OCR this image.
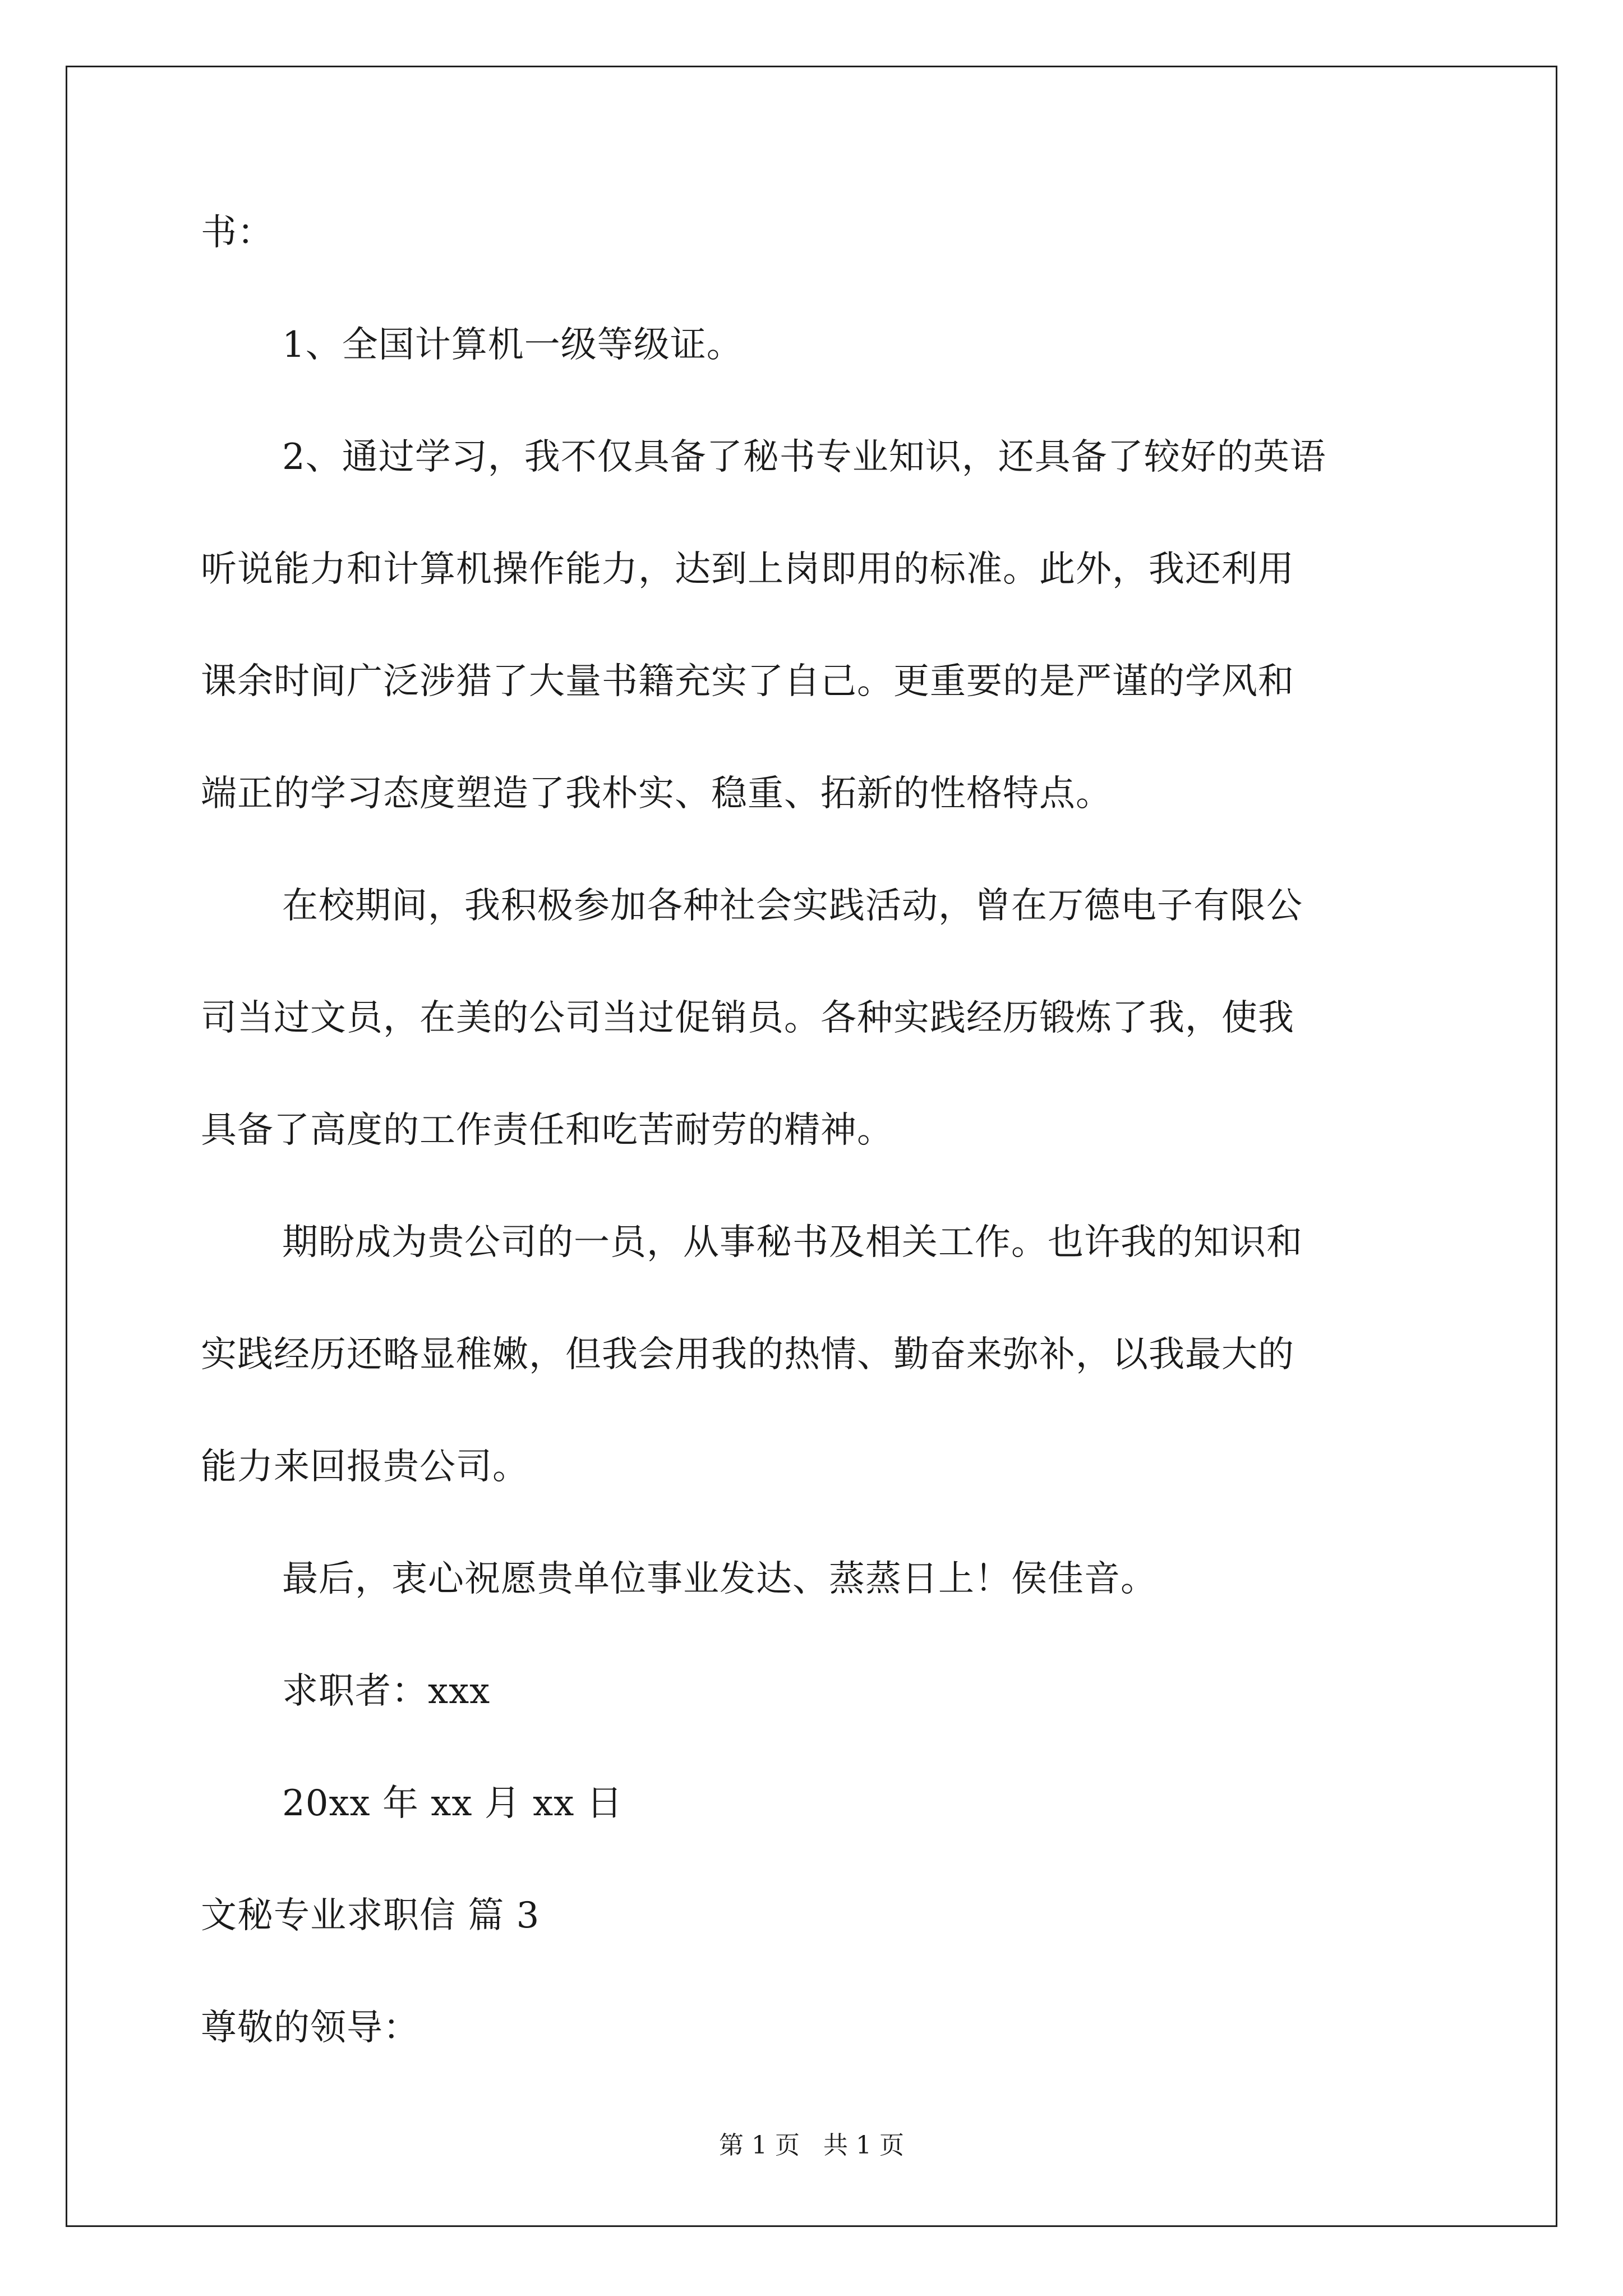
书：
1、全国计算机一级等级证。
2、通过学习，我不仅具备了秘书专业知识，还具备了较好的英语
听说能力和计算机操作能力，达到上岗即用的标准。此外，我还利用
课余时间广泛涉猎了大量书籍充实了自己。更重要的是严谨的学风和
端正的学习态度塑造了我朴实、稳重、拓新的性格特点。
在校期间，我积极参加各种社会实践活动，曾在万德电子有限公
司当过文员，在美的公司当过促销员。各种实践经历锻炼了我，使我
具备了高度的工作责任和吃苦耐劳的精神。
期盼成为贵公司的一员，从事秘书及相关工作。也许我的知识和
实践经历还略显稚嫩，但我会用我的热情、勤奋来弥补，以我最大的
能力来回报贵公司。
最后，衷心祝愿贵单位事业发达、蒸蒸日上！侯佳音。
求职者：xxx
20xx 年 xx 月 xx 日
文秘专业求职信 篇 3
尊敬的领导：
第 1 页   共 1 页
